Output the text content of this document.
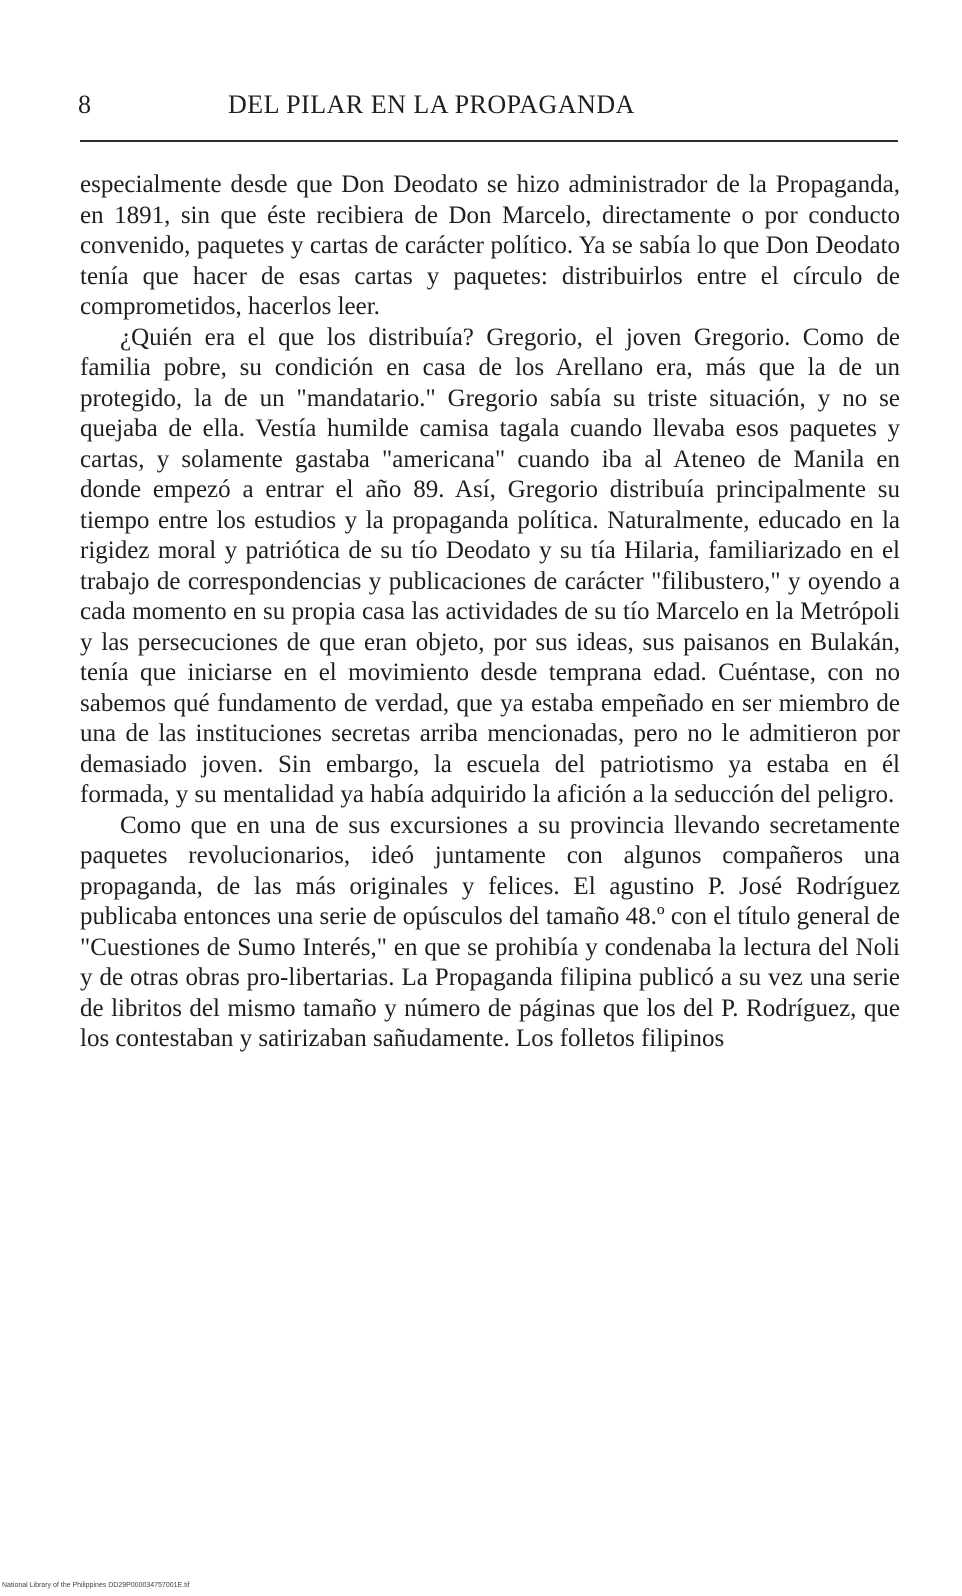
8	DEL PILAR EN LA PROPAGANDA

especialmente desde que Don Deodato se hizo administrador de la Propaganda, en 1891, sin que éste recibiera de Don Marcelo, directamente o por conducto convenido, paquetes y cartas de carácter político. Ya se sabía lo que Don Deodato tenía que hacer de esas cartas y paquetes: distribuirlos entre el círculo de comprometidos, hacerlos leer.

¿Quién era el que los distribuía? Gregorio, el joven Gregorio. Como de familia pobre, su condición en casa de los Arellano era, más que la de un protegido, la de un "mandatario." Gregorio sabía su triste situación, y no se quejaba de ella. Vestía humilde camisa tagala cuando llevaba esos paquetes y cartas, y solamente gastaba "americana" cuando iba al Ateneo de Manila en donde empezó a entrar el año 89. Así, Gregorio distribuía principalmente su tiempo entre los estudios y la propaganda política. Naturalmente, educado en la rigidez moral y patriótica de su tío Deodato y su tía Hilaria, familiarizado en el trabajo de correspondencias y publicaciones de carácter "filibustero," y oyendo a cada momento en su propia casa las actividades de su tío Marcelo en la Metrópoli y las persecuciones de que eran objeto, por sus ideas, sus paisanos en Bulakán, tenía que iniciarse en el movimiento desde temprana edad. Cuéntase, con no sabemos qué fundamento de verdad, que ya estaba empeñado en ser miembro de una de las instituciones secretas arriba mencionadas, pero no le admitieron por demasiado joven. Sin embargo, la escuela del patriotismo ya estaba en él formada, y su mentalidad ya había adquirido la afición a la seducción del peligro.

Como que en una de sus excursiones a su provincia llevando secretamente paquetes revolucionarios, ideó juntamente con algunos compañeros una propaganda, de las más originales y felices. El agustino P. José Rodríguez publicaba entonces una serie de opúsculos del tamaño 48.º con el título general de "Cuestiones de Sumo Interés," en que se prohibía y condenaba la lectura del Noli y de otras obras pro-libertarias. La Propaganda filipina publicó a su vez una serie de libritos del mismo tamaño y número de páginas que los del P. Rodríguez, que los contestaban y satirizaban sañudamente. Los folletos filipinos

National Library of the Philippines DD29P000034757001E.tif
